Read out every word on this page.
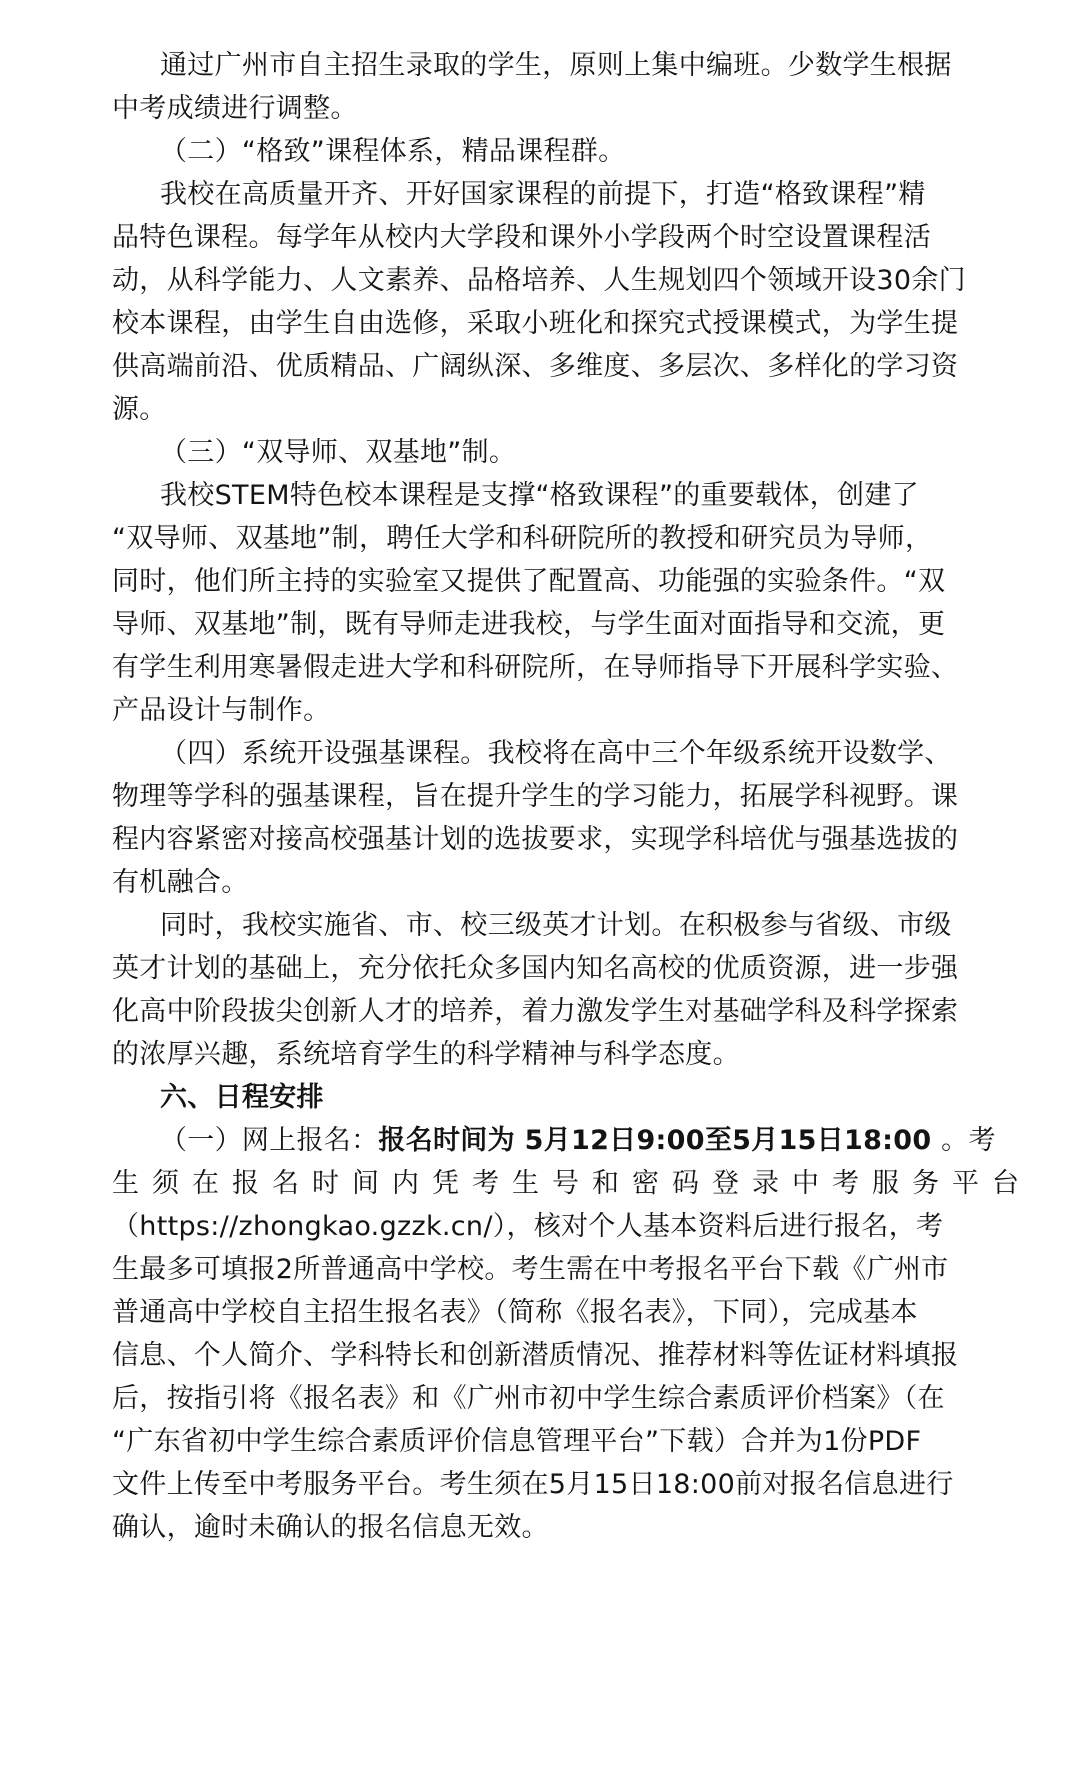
通过广州市自主招生录取的学生，原则上集中编班。少数学生根据
中考成绩进行调整。
（二）“格致”课程体系，精品课程群。
我校在高质量开齐、开好国家课程的前提下，打造“格致课程”精
品特色课程。每学年从校内大学段和课外小学段两个时空设置课程活
动，从科学能力、人文素养、品格培养、人生规划四个领域开设30余门
校本课程，由学生自由选修，采取小班化和探究式授课模式，为学生提
供高端前沿、优质精品、广阔纵深、多维度、多层次、多样化的学习资
源。
（三）“双导师、双基地”制。
我校STEM特色校本课程是支撑“格致课程”的重要载体，创建了
“双导师、双基地”制，聘任大学和科研院所的教授和研究员为导师，
同时，他们所主持的实验室又提供了配置高、功能强的实验条件。“双
导师、双基地”制，既有导师走进我校，与学生面对面指导和交流，更
有学生利用寒暑假走进大学和科研院所，在导师指导下开展科学实验、
产品设计与制作。
（四）系统开设强基课程。我校将在高中三个年级系统开设数学、
物理等学科的强基课程，旨在提升学生的学习能力，拓展学科视野。课
程内容紧密对接高校强基计划的选拔要求，实现学科培优与强基选拔的
有机融合。
同时，我校实施省、市、校三级英才计划。在积极参与省级、市级
英才计划的基础上，充分依托众多国内知名高校的优质资源，进一步强
化高中阶段拔尖创新人才的培养，着力激发学生对基础学科及科学探索
的浓厚兴趣，系统培育学生的科学精神与科学态度。
六、日程安排
（一）网上报名：报名时间为 5月12日9:00至5月15日18:00 。考
生须在报名时间内凭考生号和密码登录中考服务平台
（https://zhongkao.gzzk.cn/），核对个人基本资料后进行报名，考
生最多可填报2所普通高中学校。考生需在中考报名平台下载《广州市
普通高中学校自主招生报名表》（简称《报名表》，下同），完成基本
信息、个人简介、学科特长和创新潜质情况、推荐材料等佐证材料填报
后，按指引将《报名表》和《广州市初中学生综合素质评价档案》（在
“广东省初中学生综合素质评价信息管理平台”下载）合并为1份PDF
文件上传至中考服务平台。考生须在5月15日18:00前对报名信息进行
确认，逾时未确认的报名信息无效。
